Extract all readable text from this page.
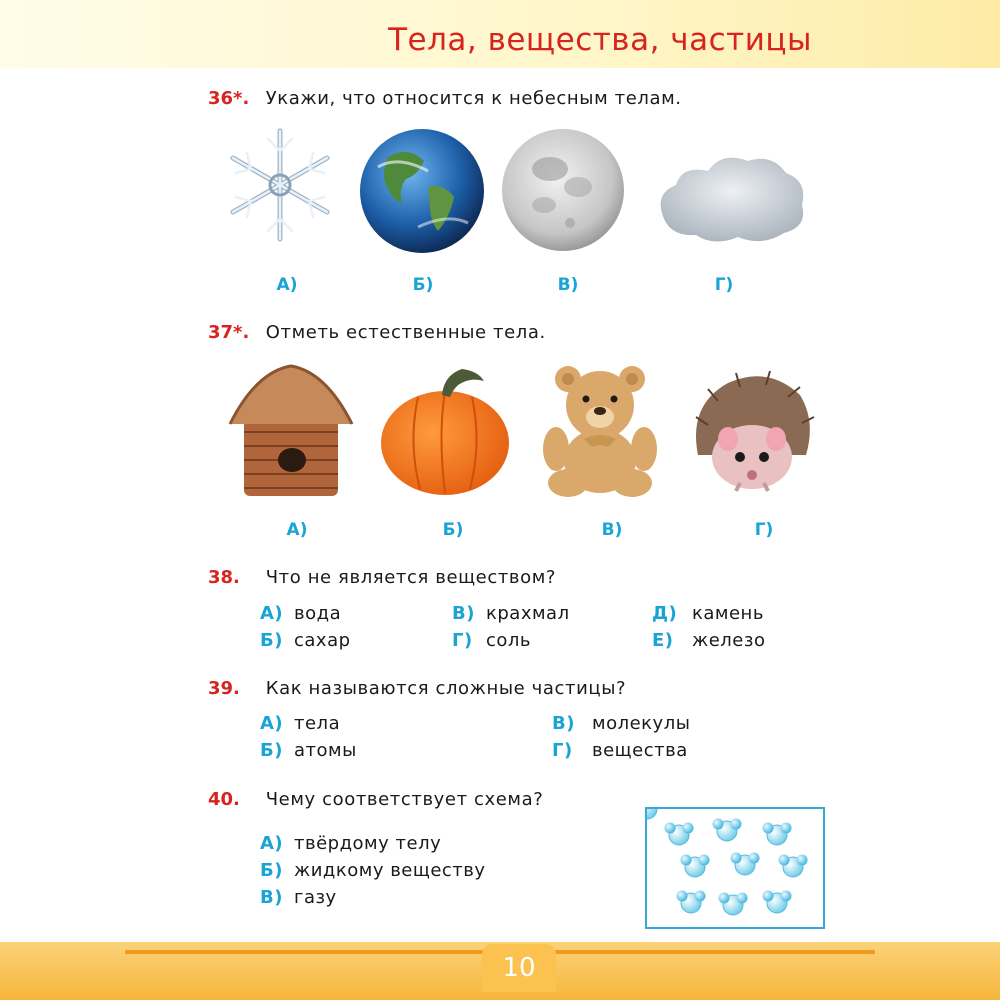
Тела, вещества, частицы
36*. Укажи, что относится к небесным телам.
А)	Б)	В)	Г)
37*. Отметь естественные тела.
А)	Б)	В)	Г)
38. Что не является веществом?
А) вода
Б) сахар
В) крахмал
Г) соль
Д) камень
Е) железо
39. Как называются сложные частицы?
А) тела
Б) атомы
В) молекулы
Г) вещества
40. Чему соответствует схема?
А) твёрдому телу
Б) жидкому веществу
В) газу
10
